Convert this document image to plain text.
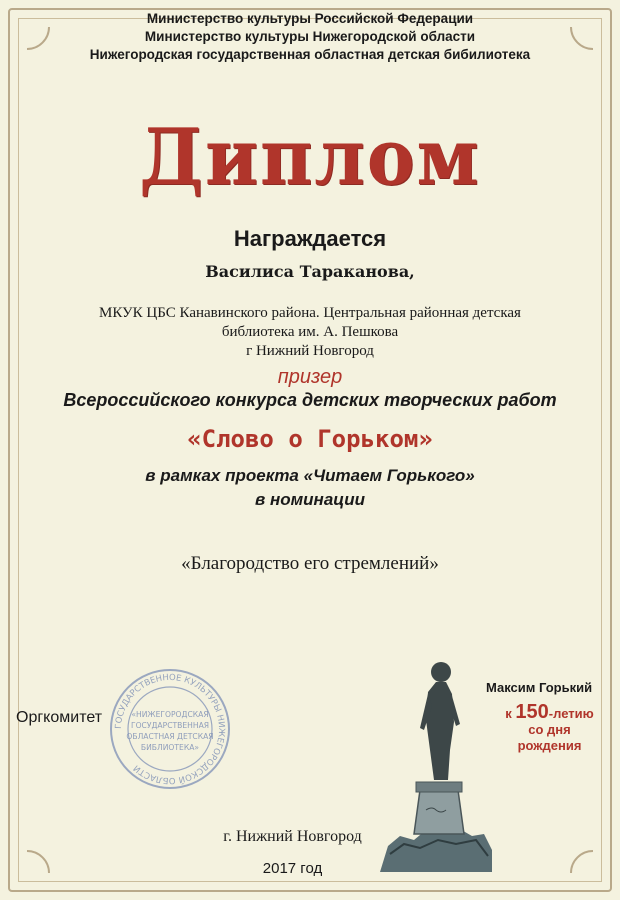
Министерство культуры Российской Федерации
Министерство культуры Нижегородской области
Нижегородская государственная областная детская бибилиотека
Диплом
Награждается
Василиса Тараканова,
МКУК ЦБС Канавинского района. Центральная районная детская
библиотека им. А. Пешкова
г Нижний Новгород
призер
Всероссийского конкурса детских творческих работ
«Слово о Горьком»
в рамках проекта «Читаем Горького»
в номинации
«Благородство его стремлений»
Оргкомитет
ГОСУДАРСТВЕННОЕ КУЛЬТУРЫ НИЖЕГОРОДСКОЙ ОБЛАСТИ
«НИЖЕГОРОДСКАЯ
ГОСУДАРСТВЕННАЯ
ОБЛАСТНАЯ ДЕТСКАЯ
БИБЛИОТЕКА»
Максим Горький
к 150-летию
со дня
рождения
г. Нижний Новгород
2017 год
